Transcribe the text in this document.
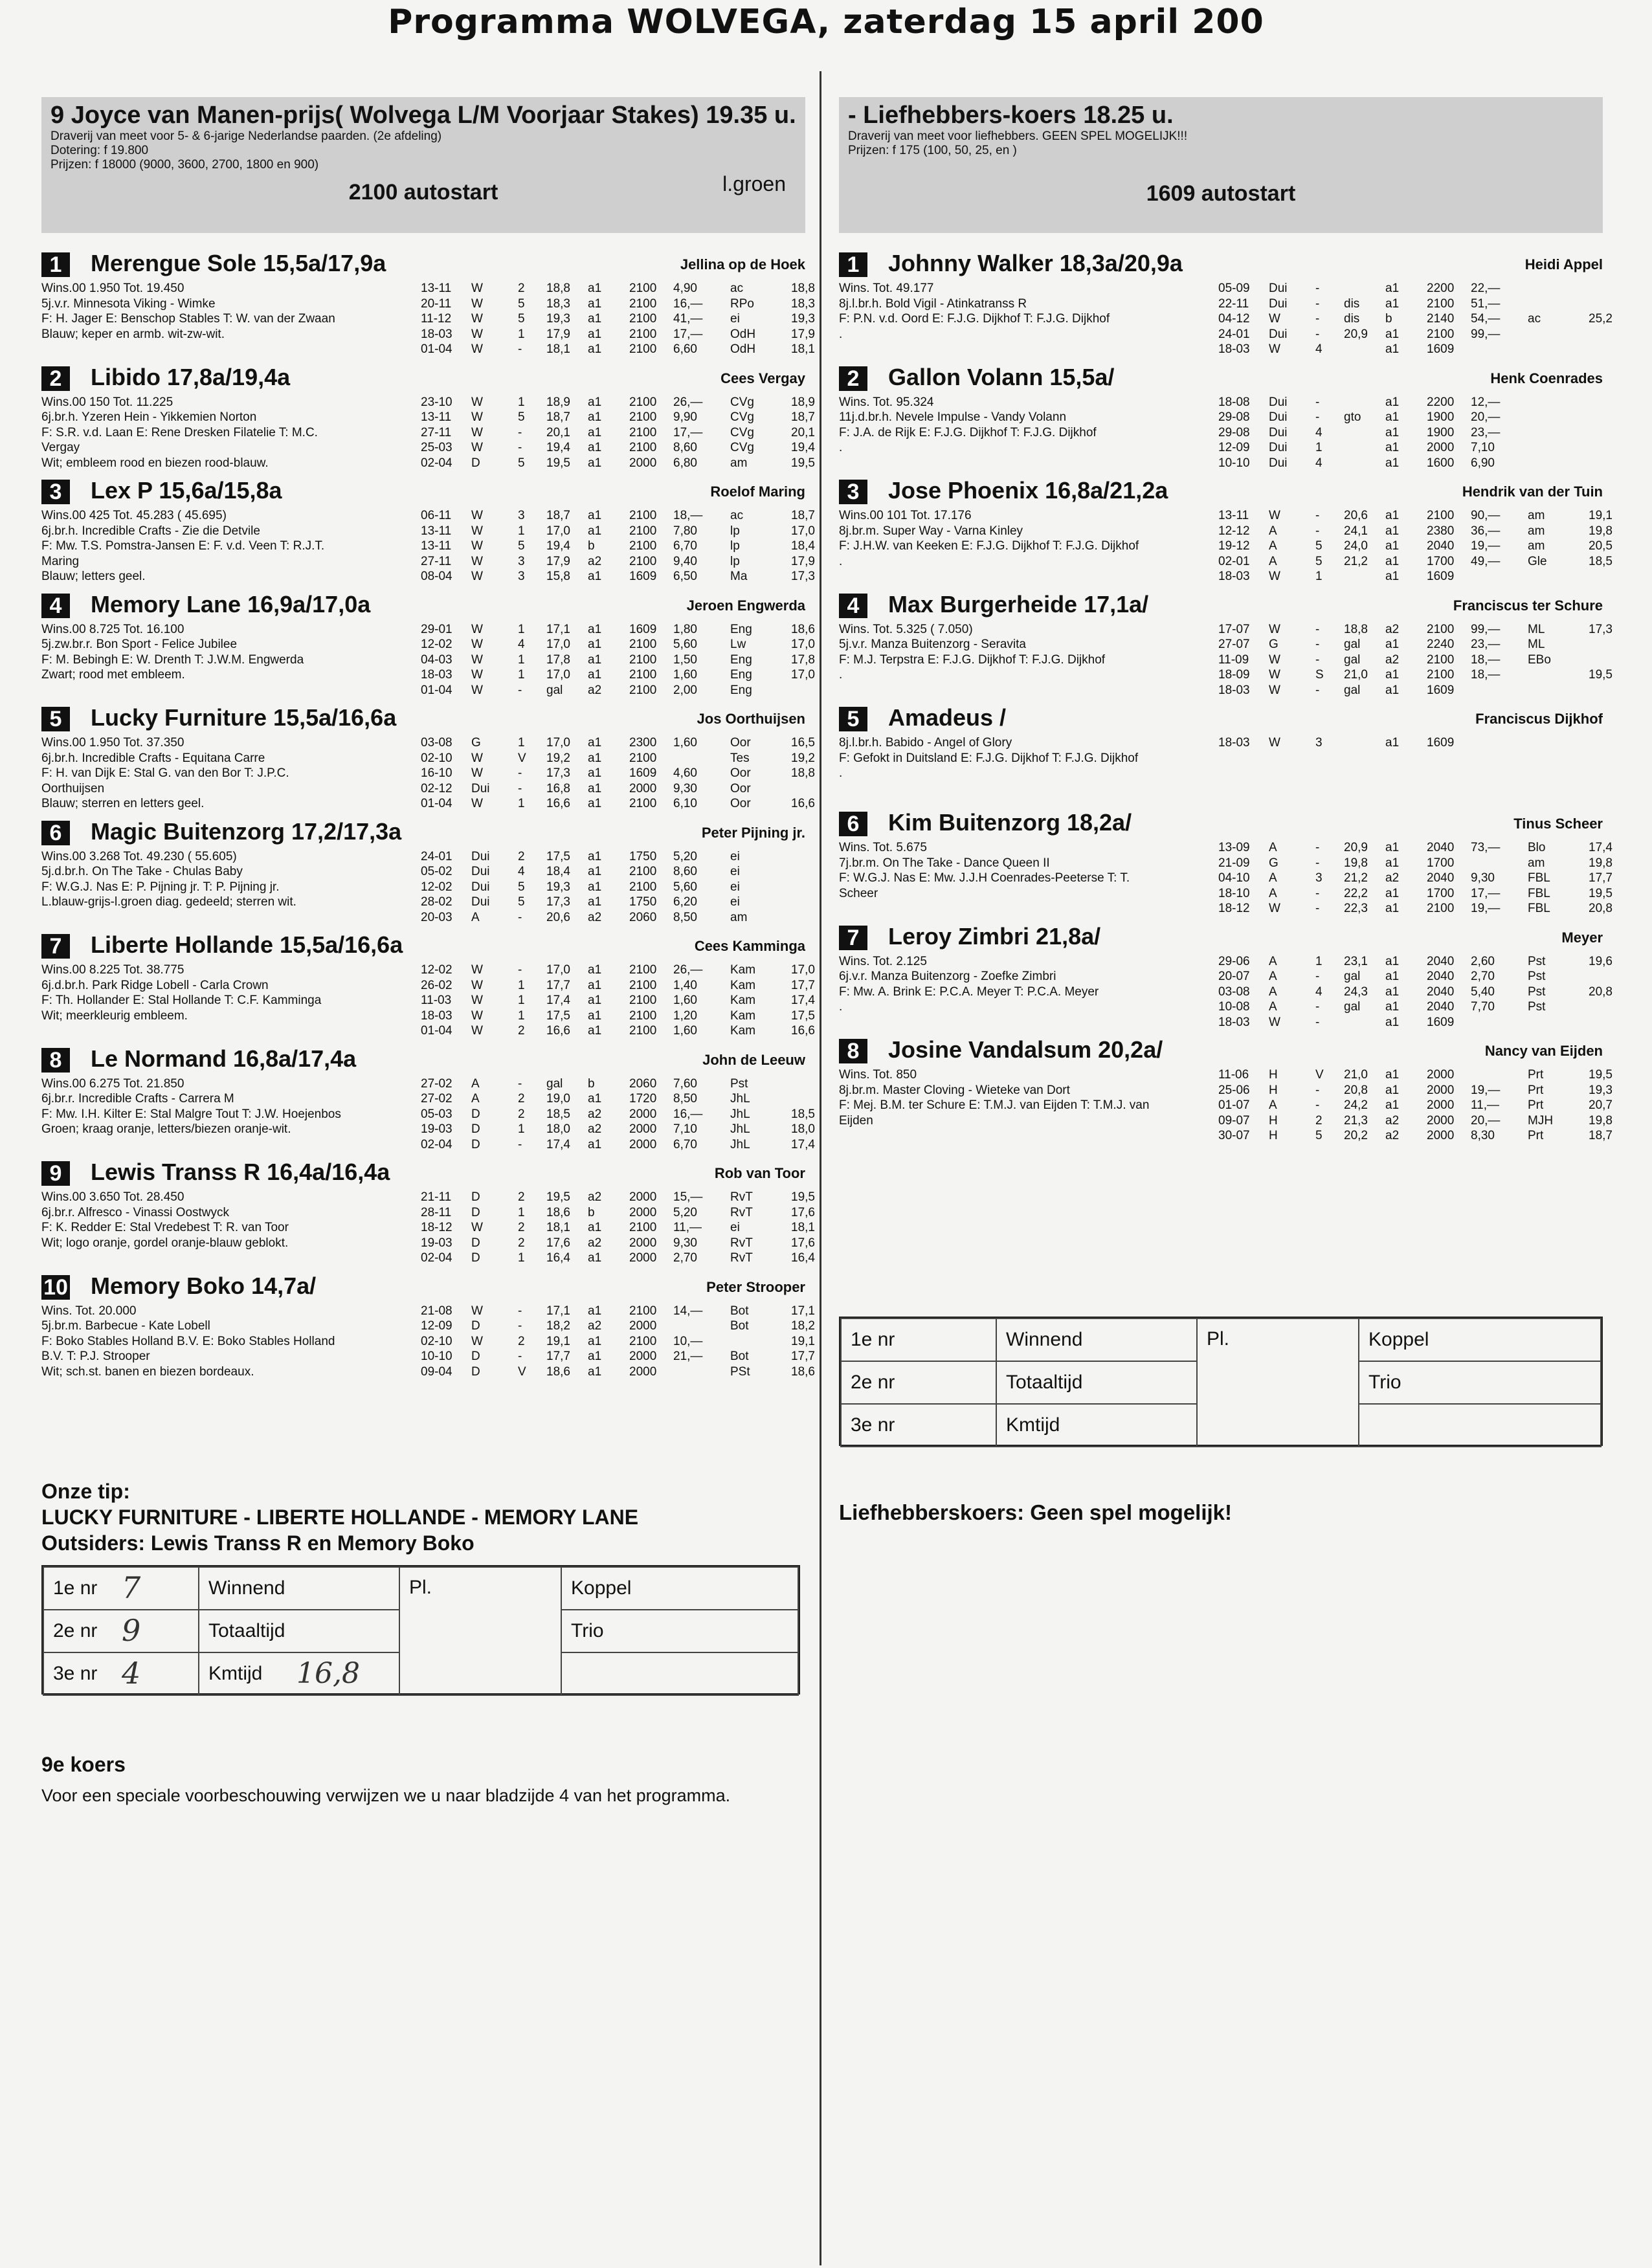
Programma WOLVEGA, zaterdag 15 april 200
9 Joyce van Manen-prijs( Wolvega L/M Voorjaar Stakes) 19.35 u.
Draverij van meet voor 5- & 6-jarige Nederlandse paarden. (2e afdeling)
Dotering: f 19.800
Prijzen: f 18000 (9000, 3600, 2700, 1800 en 900)
2100 autostart	l.groen
1	Merengue Sole 15,5a/17,9a	Jellina op de Hoek
Wins.00 1.950 Tot. 19.450
5j.v.r. Minnesota Viking - Wimke
F: H. Jager E: Benschop Stables T: W. van der Zwaan
Blauw; keper en armb. wit-zw-wit.
13-11 W	2 18,8 a1 2100 4,90	ac	18,8
20-11 W	5 18,3 a1 2100 16,— RPo	18,3
11-12 W	5 19,3 a1 2100 41,— ei	19,3
18-03 W	1 17,9 a1 2100 17,— OdH	17,9
01-04 W	- 18,1 a1 2100 6,60	OdH	18,1
2	Libido 17,8a/19,4a	Cees Vergay
Wins.00 150 Tot. 11.225
6j.br.h. Yzeren Hein - Yikkemien Norton
F: S.R. v.d. Laan E: Rene Dresken Filatelie T: M.C.
Vergay
Wit; embleem rood en biezen rood-blauw.
23-10 W	1 18,9 a1 2100 26,— CVg	18,9
13-11 W	5 18,7 a1 2100 9,90	CVg	18,7
27-11 W	- 20,1 a1 2100 17,— CVg	20,1
25-03 W	- 19,4 a1 2100 8,60	CVg	19,4
02-04 D	5 19,5 a1 2000 6,80	am	19,5
3	Lex P 15,6a/15,8a	Roelof Maring
Wins.00 425 Tot. 45.283 ( 45.695)
6j.br.h. Incredible Crafts - Zie die Detvile
F: Mw. T.S. Pomstra-Jansen E: F. v.d. Veen T: R.J.T.
Maring
Blauw; letters geel.
06-11 W	3 18,7 a1 2100 18,— ac	18,7
13-11 W	1 17,0 a1 2100 7,80	lp	17,0
13-11 W	5 19,4 b	2100 6,70	lp	18,4
27-11 W	3 17,9 a2 2100 9,40	lp	17,9
08-04 W	3 15,8 a1 1609 6,50	Ma	17,3
4	Memory Lane 16,9a/17,0a	Jeroen Engwerda
Wins.00 8.725 Tot. 16.100
5j.zw.br.r. Bon Sport - Felice Jubilee
F: M. Bebingh E: W. Drenth T: J.W.M. Engwerda
Zwart; rood met embleem.
29-01 W	1 17,1 a1 1609 1,80	Eng	18,6
12-02 W	4 17,0 a1 2100 5,60	Lw	17,0
04-03 W	1 17,8 a1 2100 1,50	Eng	17,8
18-03 W	1 17,0 a1 2100 1,60	Eng	17,0
01-04 W	- gal a2 2100 2,00	Eng
5	Lucky Furniture 15,5a/16,6a	Jos Oorthuijsen
Wins.00 1.950 Tot. 37.350
6j.br.h. Incredible Crafts - Equitana Carre
F: H. van Dijk E: Stal G. van den Bor T: J.P.C.
Oorthuijsen
Blauw; sterren en letters geel.
03-08 G	1 17,0 a1 2300 1,60	Oor	16,5
02-10 W	V 19,2 a1 2100	Tes	19,2
16-10 W	- 17,3 a1 1609 4,60	Oor	18,8
02-12 Dui - 16,8 a1 2000 9,30	Oor
01-04 W	1 16,6 a1 2100 6,10	Oor	16,6
6	Magic Buitenzorg 17,2/17,3a	Peter Pijning jr.
Wins.00 3.268 Tot. 49.230 ( 55.605)
5j.d.br.h. On The Take - Chulas Baby
F: W.G.J. Nas E: P. Pijning jr. T: P. Pijning jr.
L.blauw-grijs-l.groen diag. gedeeld; sterren wit.
24-01 Dui 2 17,5 a1 1750 5,20	ei
05-02 Dui 4 18,4 a1 2100 8,60	ei
12-02 Dui 5 19,3 a1 2100 5,60	ei
28-02 Dui 5 17,3 a1 1750 6,20	ei
20-03 A	- 20,6 a2 2060 8,50	am
7	Liberte Hollande 15,5a/16,6a	Cees Kamminga
Wins.00 8.225 Tot. 38.775
6j.d.br.h. Park Ridge Lobell - Carla Crown
F: Th. Hollander E: Stal Hollande T: C.F. Kamminga
Wit; meerkleurig embleem.
12-02 W	- 17,0 a1 2100 26,— Kam	17,0
26-02 W	1 17,7 a1 2100 1,40	Kam	17,7
11-03 W	1 17,4 a1 2100 1,60	Kam	17,4
18-03 W	1 17,5 a1 2100 1,20	Kam	17,5
01-04 W	2 16,6 a1 2100 1,60	Kam	16,6
8	Le Normand 16,8a/17,4a	John de Leeuw
Wins.00 6.275 Tot. 21.850
6j.br.r. Incredible Crafts - Carrera M
F: Mw. I.H. Kilter E: Stal Malgre Tout T: J.W. Hoejenbos
Groen; kraag oranje, letters/biezen oranje-wit.
27-02 A	- gal b	2060 7,60	Pst
27-02 A	2 19,0 a1 1720 8,50	JhL
05-03 D	2 18,5 a2 2000 16,— JhL	18,5
19-03 D	1 18,0 a2 2000 7,10	JhL	18,0
02-04 D	- 17,4 a1 2000 6,70	JhL	17,4
9	Lewis Transs R 16,4a/16,4a	Rob van Toor
Wins.00 3.650 Tot. 28.450
6j.br.r. Alfresco - Vinassi Oostwyck
F: K. Redder E: Stal Vredebest T: R. van Toor
Wit; logo oranje, gordel oranje-blauw geblokt.
21-11 D	2 19,5 a2 2000 15,— RvT	19,5
28-11 D	1 18,6 b	2000 5,20	RvT	17,6
18-12 W	2 18,1 a1 2100 11,— ei	18,1
19-03 D	2 17,6 a2 2000 9,30	RvT	17,6
02-04 D	1 16,4 a1 2000 2,70	RvT	16,4
10 Memory Boko 14,7a/	Peter Strooper
Wins. Tot. 20.000
5j.br.m. Barbecue - Kate Lobell
F: Boko Stables Holland B.V. E: Boko Stables Holland
B.V. T: P.J. Strooper
Wit; sch.st. banen en biezen bordeaux.
21-08 W	- 17,1 a1 2100 14,— Bot	17,1
12-09 D	- 18,2 a2 2000	Bot	18,2
02-10 W	2 19,1 a1 2100 10,—	19,1
10-10 D	- 17,7 a1 2000 21,— Bot	17,7
09-04 D	V 18,6 a1 2000	PSt	18,6
- Liefhebbers-koers 18.25 u.
Draverij van meet voor liefhebbers. GEEN SPEL MOGELIJK!!!
Prijzen: f 175 (100, 50, 25, en )
1609 autostart
1	Johnny Walker 18,3a/20,9a	Heidi Appel
Wins. Tot. 49.177
8j.l.br.h. Bold Vigil - Atinkatranss R
F: P.N. v.d. Oord E: F.J.G. Dijkhof T: F.J.G. Dijkhof
.
05-09 Dui -	a1 2200 22,—
22-11 Dui - dis a1 2100 51,—
04-12 W	- dis b	2140 54,— ac	25,2
24-01 Dui - 20,9 a1 2100 99,—
18-03 W	4	a1 1609
2	Gallon Volann 15,5a/	Henk Coenrades
Wins. Tot. 95.324
11j.d.br.h. Nevele Impulse - Vandy Volann
F: J.A. de Rijk E: F.J.G. Dijkhof T: F.J.G. Dijkhof
.
18-08 Dui -	a1 2200 12,—
29-08 Dui - gto a1 1900 20,—
29-08 Dui 4	a1 1900 23,—
12-09 Dui 1	a1 2000 7,10
10-10 Dui 4	a1 1600 6,90
3	Jose Phoenix 16,8a/21,2a	Hendrik van der Tuin
Wins.00 101 Tot. 17.176
8j.br.m. Super Way - Varna Kinley
F: J.H.W. van Keeken E: F.J.G. Dijkhof T: F.J.G. Dijkhof
.
13-11 W	- 20,6 a1 2100 90,— am	19,1
12-12 A	- 24,1 a1 2380 36,— am	19,8
19-12 A	5 24,0 a1 2040 19,— am	20,5
02-01 A	5 21,2 a1 1700 49,— Gle	18,5
18-03 W	1	a1 1609
4	Max Burgerheide 17,1a/	Franciscus ter Schure
Wins. Tot. 5.325 ( 7.050)
5j.v.r. Manza Buitenzorg - Seravita
F: M.J. Terpstra E: F.J.G. Dijkhof T: F.J.G. Dijkhof
.
17-07 W	- 18,8 a2 2100 99,— ML	17,3
27-07 G	- gal a1 2240 23,— ML
11-09 W	- gal a2 2100 18,— EBo
18-09 W	S 21,0 a1 2100 18,—	19,5
18-03 W	- gal a1 1609
5	Amadeus /	Franciscus Dijkhof
8j.l.br.h. Babido - Angel of Glory
F: Gefokt in Duitsland E: F.J.G. Dijkhof T: F.J.G. Dijkhof
.
18-03 W	3	a1 1609
6	Kim Buitenzorg 18,2a/	Tinus Scheer
Wins. Tot. 5.675
7j.br.m. On The Take - Dance Queen II
F: W.G.J. Nas E: Mw. J.J.H Coenrades-Peeterse T: T.
Scheer
13-09 A	- 20,9 a1 2040 73,— Blo	17,4
21-09 G	- 19,8 a1 1700	am	19,8
04-10 A	3 21,2 a2 2040 9,30	FBL	17,7
18-10 A	- 22,2 a1 1700 17,— FBL	19,5
18-12 W	- 22,3 a1 2100 19,— FBL	20,8
7	Leroy Zimbri 21,8a/	Meyer
Wins. Tot. 2.125
6j.v.r. Manza Buitenzorg - Zoefke Zimbri
F: Mw. A. Brink E: P.C.A. Meyer T: P.C.A. Meyer
.
29-06 A	1 23,1 a1 2040 2,60	Pst	19,6
20-07 A	- gal a1 2040 2,70	Pst
03-08 A	4 24,3 a1 2040 5,40	Pst	20,8
10-08 A	- gal a1 2040 7,70	Pst
18-03 W	-	a1 1609
8	Josine Vandalsum 20,2a/	Nancy van Eijden
Wins. Tot. 850
8j.br.m. Master Cloving - Wieteke van Dort
F: Mej. B.M. ter Schure E: T.M.J. van Eijden T: T.M.J. van
Eijden
11-06 H	V 21,0 a1 2000	Prt	19,5
25-06 H	- 20,8 a1 2000 19,— Prt	19,3
01-07 A	- 24,2 a1 2000 11,— Prt	20,7
09-07 H	2 21,3 a2 2000 20,— MJH	19,8
30-07 H	5 20,2 a2 2000 8,30	Prt	18,7
1e nr	Winnend	Pl.	Koppel
2e nr	Totaaltijd		Trio
3e nr	Kmtijd		
Liefhebberskoers: Geen spel mogelijk!
Onze tip:
LUCKY FURNITURE - LIBERTE HOLLANDE - MEMORY LANE
Outsiders: Lewis Transs R en Memory Boko
1e nr 7	Winnend	Pl.	Koppel
2e nr 9	Totaaltijd		Trio
3e nr 4	Kmtijd 16,8		

9e koers
Voor een speciale voorbeschouwing verwijzen we u naar bladzijde 4 van het programma.
